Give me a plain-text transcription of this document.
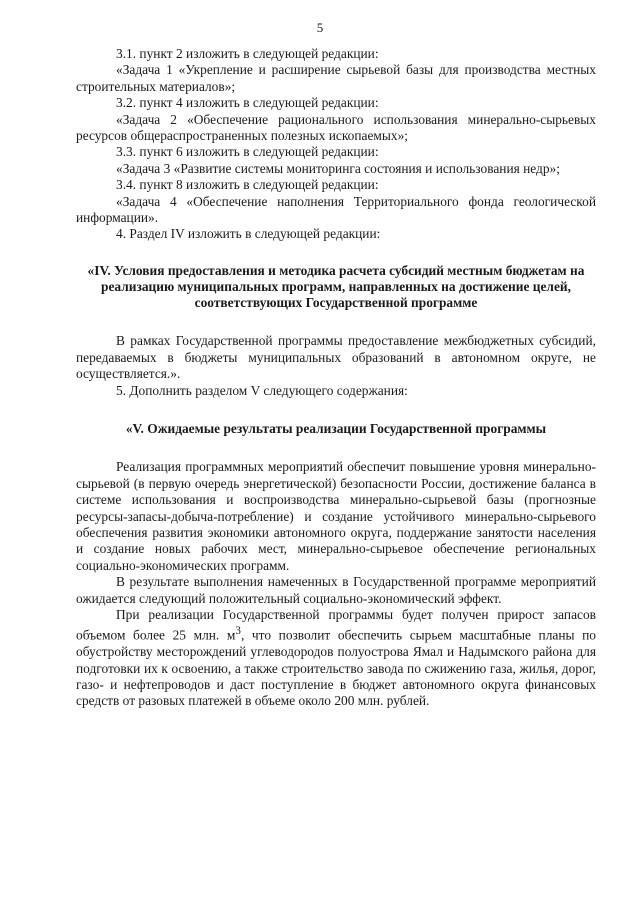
5

3.1. пункт 2 изложить в следующей редакции:

«Задача 1 «Укрепление и расширение сырьевой базы для производства местных строительных материалов»;

3.2. пункт 4 изложить в следующей редакции:

«Задача 2 «Обеспечение рационального использования минерально-сырьевых ресурсов общераспространенных полезных ископаемых»;

3.3. пункт 6 изложить в следующей редакции:

«Задача 3 «Развитие системы мониторинга состояния и использования недр»;

3.4. пункт 8 изложить в следующей редакции:

«Задача 4 «Обеспечение наполнения Территориального фонда геологической информации».

4. Раздел IV изложить в следующей редакции:

«IV. Условия предоставления и методика расчета субсидий местным бюджетам на реализацию муниципальных программ, направленных на достижение целей, соответствующих Государственной программе

В рамках Государственной программы предоставление межбюджетных субсидий, передаваемых в бюджеты муниципальных образований в автономном округе, не осуществляется.».

5. Дополнить разделом V следующего содержания:

«V. Ожидаемые результаты реализации Государственной программы

Реализация программных мероприятий обеспечит повышение уровня минерально-сырьевой (в первую очередь энергетической) безопасности России, достижение баланса в системе использования и воспроизводства минерально-сырьевой базы (прогнозные ресурсы-запасы-добыча-потребление) и создание устойчивого минерально-сырьевого обеспечения развития экономики автономного округа, поддержание занятости населения и создание новых рабочих мест, минерально-сырьевое обеспечение региональных социально-экономических программ.

В результате выполнения намеченных в Государственной программе мероприятий ожидается следующий положительный социально-экономический эффект.

При реализации Государственной программы будет получен прирост запасов объемом более 25 млн. $м^3$, что позволит обеспечить сырьем масштабные планы по обустройству месторождений углеводородов полуострова Ямал и Надымского района для подготовки их к освоению, а также строительство завода по сжижению газа, жилья, дорог, газо- и нефтепроводов и даст поступление в бюджет автономного округа финансовых средств от разовых платежей в объеме около 200 млн. рублей.
